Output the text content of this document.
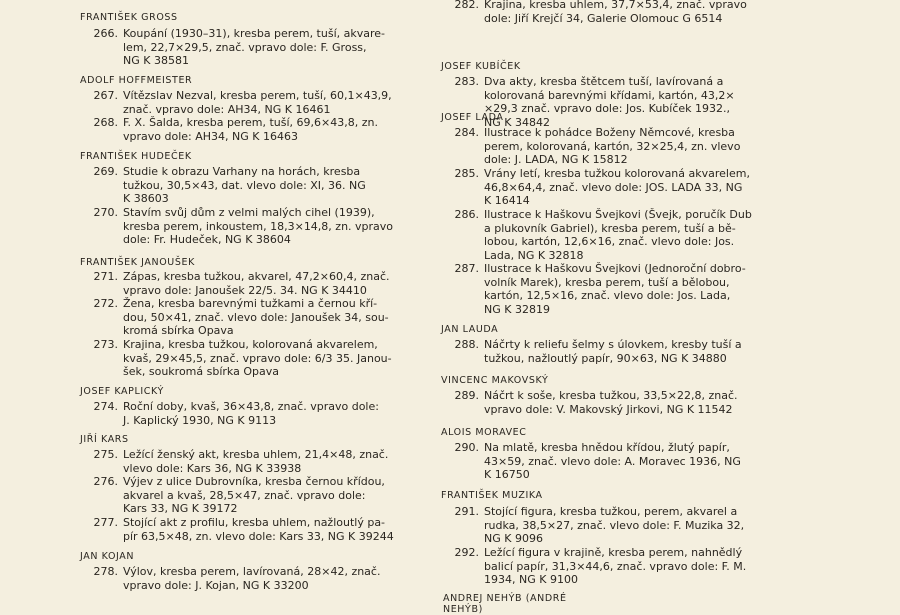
FRANTIŠEK GROSS
266. Koupání (1930–31), kresba perem, tuší, akvare-
lem, 22,7×29,5, znač. vpravo dole: F. Gross,
NG K 38581
ADOLF HOFFMEISTER
267. Vítězslav Nezval, kresba perem, tuší, 60,1×43,9,
znač. vpravo dole: AH34, NG K 16461
268. F. X. Šalda, kresba perem, tuší, 69,6×43,8, zn.
vpravo dole: AH34, NG K 16463
FRANTIŠEK HUDEČEK
269. Studie k obrazu Varhany na horách, kresba
tužkou, 30,5×43, dat. vlevo dole: XI, 36. NG
K 38603
270. Stavím svůj dům z velmi malých cihel (1939),
kresba perem, inkoustem, 18,3×14,8, zn. vpravo
dole: Fr. Hudeček, NG K 38604
FRANTIŠEK JANOUŠEK
271. Zápas, kresba tužkou, akvarel, 47,2×60,4, znač.
vpravo dole: Janoušek 22/5. 34. NG K 34410
272. Žena, kresba barevnými tužkami a černou kří-
dou, 50×41, znač. vlevo dole: Janoušek 34, sou-
kromá sbírka Opava
273. Krajina, kresba tužkou, kolorovaná akvarelem,
kvaš, 29×45,5, znač. vpravo dole: 6/3 35. Janou-
šek, soukromá sbírka Opava
JOSEF KAPLICKÝ
274. Roční doby, kvaš, 36×43,8, znač. vpravo dole:
J. Kaplický 1930, NG K 9113
JIŘÍ KARS
275. Ležící ženský akt, kresba uhlem, 21,4×48, znač.
vlevo dole: Kars 36, NG K 33938
276. Výjev z ulice Dubrovníka, kresba černou křídou,
akvarel a kvaš, 28,5×47, znač. vpravo dole:
Kars 33, NG K 39172
277. Stojící akt z profilu, kresba uhlem, nažloutlý pa-
pír 63,5×48, zn. vlevo dole: Kars 33, NG K 39244
JAN KOJAN
278. Výlov, kresba perem, lavírovaná, 28×42, znač.
vpravo dole: J. Kojan, NG K 33200
282. Krajina, kresba uhlem, 37,7×53,4, znač. vpravo
dole: Jiří Krejčí 34, Galerie Olomouc G 6514
JOSEF KUBÍČEK
283. Dva akty, kresba štětcem tuší, lavírovaná a
kolorovaná barevnými křídami, kartón, 43,2×
×29,3 znač. vpravo dole: Jos. Kubíček 1932.,
NG K 34842
JOSEF LADA
284. Ilustrace k pohádce Boženy Němcové, kresba
perem, kolorovaná, kartón, 32×25,4, zn. vlevo
dole: J. LADA, NG K 15812
285. Vrány letí, kresba tužkou kolorovaná akvarelem,
46,8×64,4, znač. vlevo dole: JOS. LADA 33, NG
K 16414
286. Ilustrace k Haškovu Švejkovi (Švejk, poručík Dub
a plukovník Gabriel), kresba perem, tuší a bě-
lobou, kartón, 12,6×16, znač. vlevo dole: Jos.
Lada, NG K 32818
287. Ilustrace k Haškovu Švejkovi (Jednoroční dobro-
volník Marek), kresba perem, tuší a bělobou,
kartón, 12,5×16, znač. vlevo dole: Jos. Lada,
NG K 32819
JAN LAUDA
288. Náčrty k reliefu šelmy s úlovkem, kresby tuší a
tužkou, nažloutlý papír, 90×63, NG K 34880
VINCENC MAKOVSKÝ
289. Náčrt k soše, kresba tužkou, 33,5×22,8, znač.
vpravo dole: V. Makovský Jirkovi, NG K 11542
ALOIS MORAVEC
290. Na mlatě, kresba hnědou křídou, žlutý papír,
43×59, znač. vlevo dole: A. Moravec 1936, NG
K 16750
FRANTIŠEK MUZIKA
291. Stojící figura, kresba tužkou, perem, akvarel a
rudka, 38,5×27, znač. vlevo dole: F. Muzika 32,
NG K 9096
292. Ležící figura v krajině, kresba perem, nahnědlý
balicí papír, 31,3×44,6, znač. vpravo dole: F. M.
1934, NG K 9100
ANDREJ NEHÝB (ANDRÉ NEHÝB)
